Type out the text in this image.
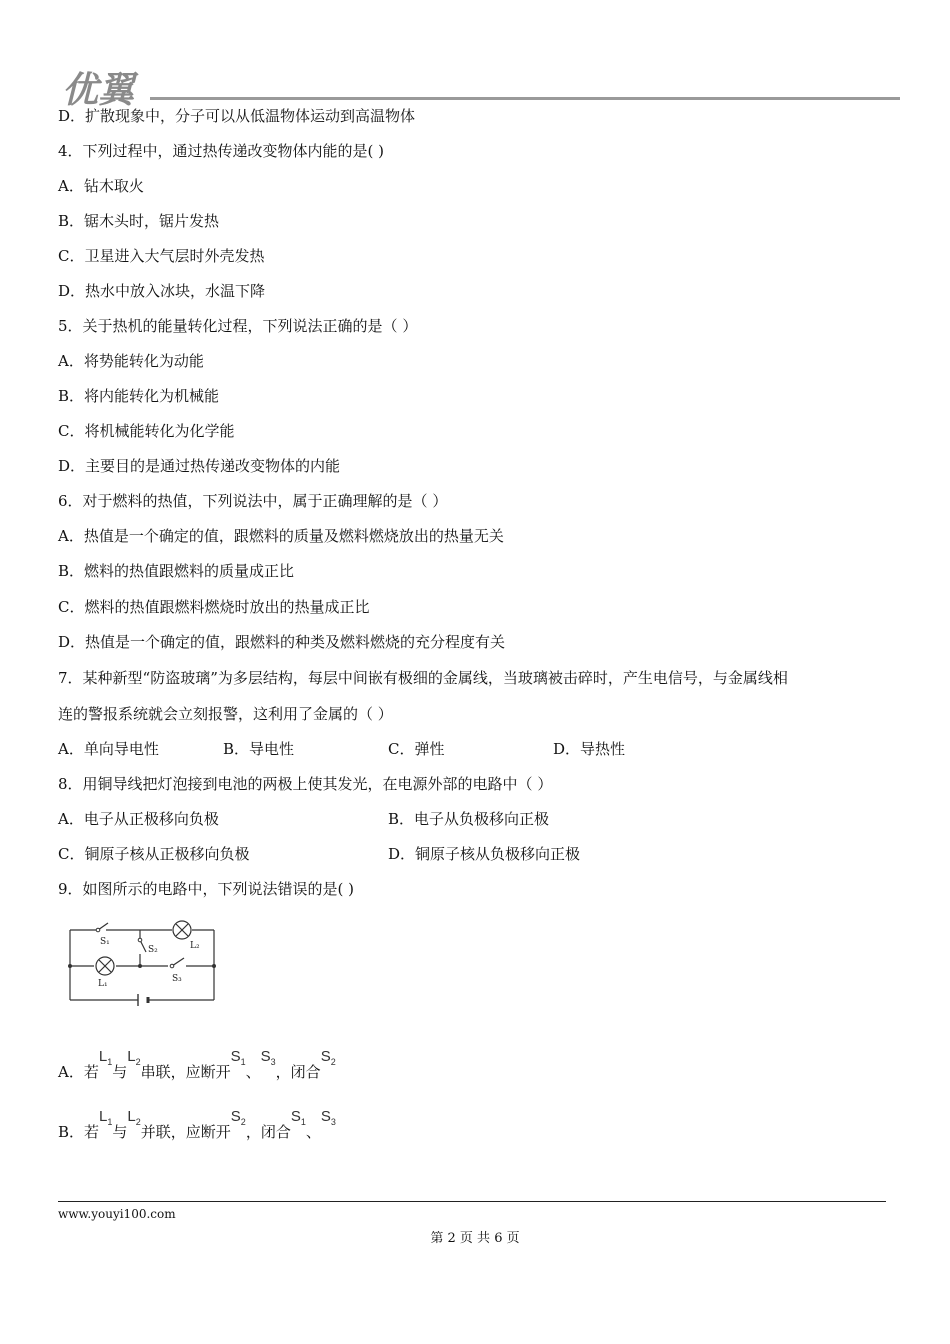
优翼
D．扩散现象中，分子可以从低温物体运动到高温物体
4．下列过程中，通过热传递改变物体内能的是( )
A．钻木取火
B．锯木头时，锯片发热
C．卫星进入大气层时外壳发热
D．热水中放入冰块，水温下降
5．关于热机的能量转化过程，下列说法正确的是（ ）
A．将势能转化为动能
B．将内能转化为机械能
C．将机械能转化为化学能
D．主要目的是通过热传递改变物体的内能
6．对于燃料的热值，下列说法中，属于正确理解的是（ ）
A．热值是一个确定的值，跟燃料的质量及燃料燃烧放出的热量无关
B．燃料的热值跟燃料的质量成正比
C．燃料的热值跟燃料燃烧时放出的热量成正比
D．热值是一个确定的值，跟燃料的种类及燃料燃烧的充分程度有关
7．某种新型“防盗玻璃”为多层结构，每层中间嵌有极细的金属线，当玻璃被击碎时，产生电信号，与金属线相
连的警报系统就会立刻报警，这利用了金属的（ ）
A．单向导电性	B．导电性	C．弹性	D．导热性
8．用铜导线把灯泡接到电池的两极上使其发光，在电源外部的电路中（ ）
A．电子从正极移向负极	B．电子从负极移向正极
C．铜原子核从正极移向负极	D．铜原子核从负极移向正极
9．如图所示的电路中，下列说法错误的是( )
S₁
S₂
S₃
L₁
L₂
A．若$L_1$与$L_2$串联，应断开$S_1$、$S_3$，闭合$S_2$
B．若$L_1$与$L_2$并联，应断开$S_2$，闭合$S_1$、$S_3$
www.youyi100.com
第 2 页 共 6 页
